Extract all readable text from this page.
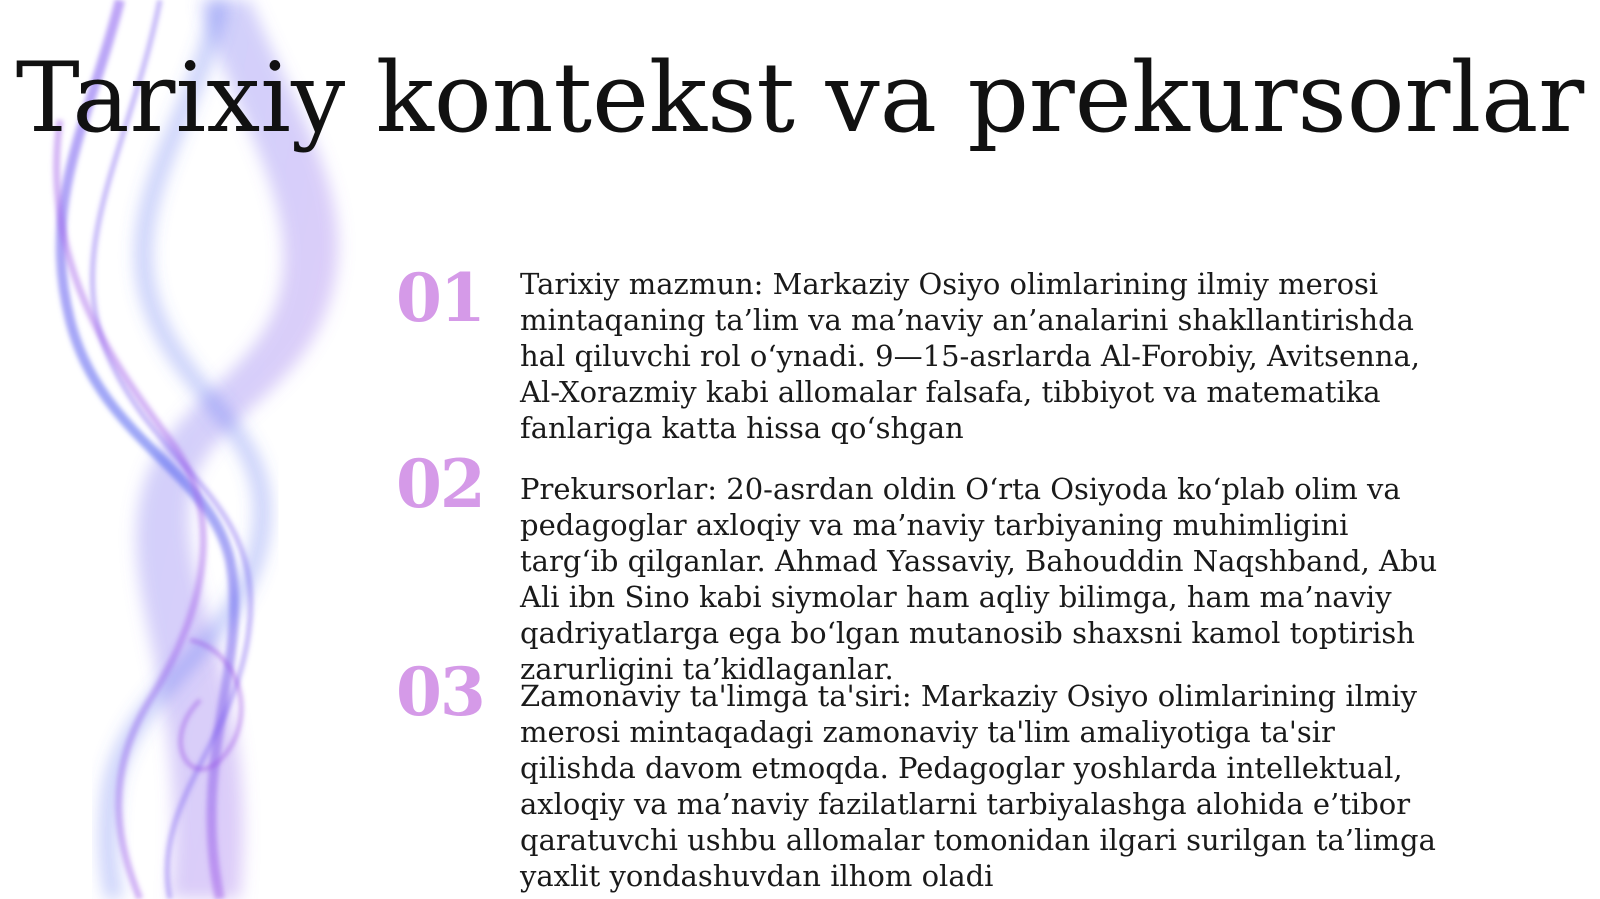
Tarixiy kontekst va prekursorlar
01	Tarixiy mazmun: Markaziy Osiyo olimlarining ilmiy merosi mintaqaning ta’lim va ma’naviy an’analarini shakllantirishda hal qiluvchi rol o‘ynadi. 9—15-asrlarda Al-Forobiy, Avitsenna, Al-Xorazmiy kabi allomalar falsafa, tibbiyot va matematika fanlariga katta hissa qo‘shgan
02	Prekursorlar: 20-asrdan oldin O‘rta Osiyoda ko‘plab olim va pedagoglar axloqiy va ma’naviy tarbiyaning muhimligini targ‘ib qilganlar. Ahmad Yassaviy, Bahouddin Naqshband, Abu Ali ibn Sino kabi siymolar ham aqliy bilimga, ham ma’naviy qadriyatlarga ega bo‘lgan mutanosib shaxsni kamol toptirish zarurligini ta’kidlaganlar.
03	Zamonaviy ta'limga ta'siri: Markaziy Osiyo olimlarining ilmiy merosi mintaqadagi zamonaviy ta'lim amaliyotiga ta'sir qilishda davom etmoqda. Pedagoglar yoshlarda intellektual, axloqiy va ma’naviy fazilatlarni tarbiyalashga alohida e’tibor qaratuvchi ushbu allomalar tomonidan ilgari surilgan ta’limga yaxlit yondashuvdan ilhom oladi
